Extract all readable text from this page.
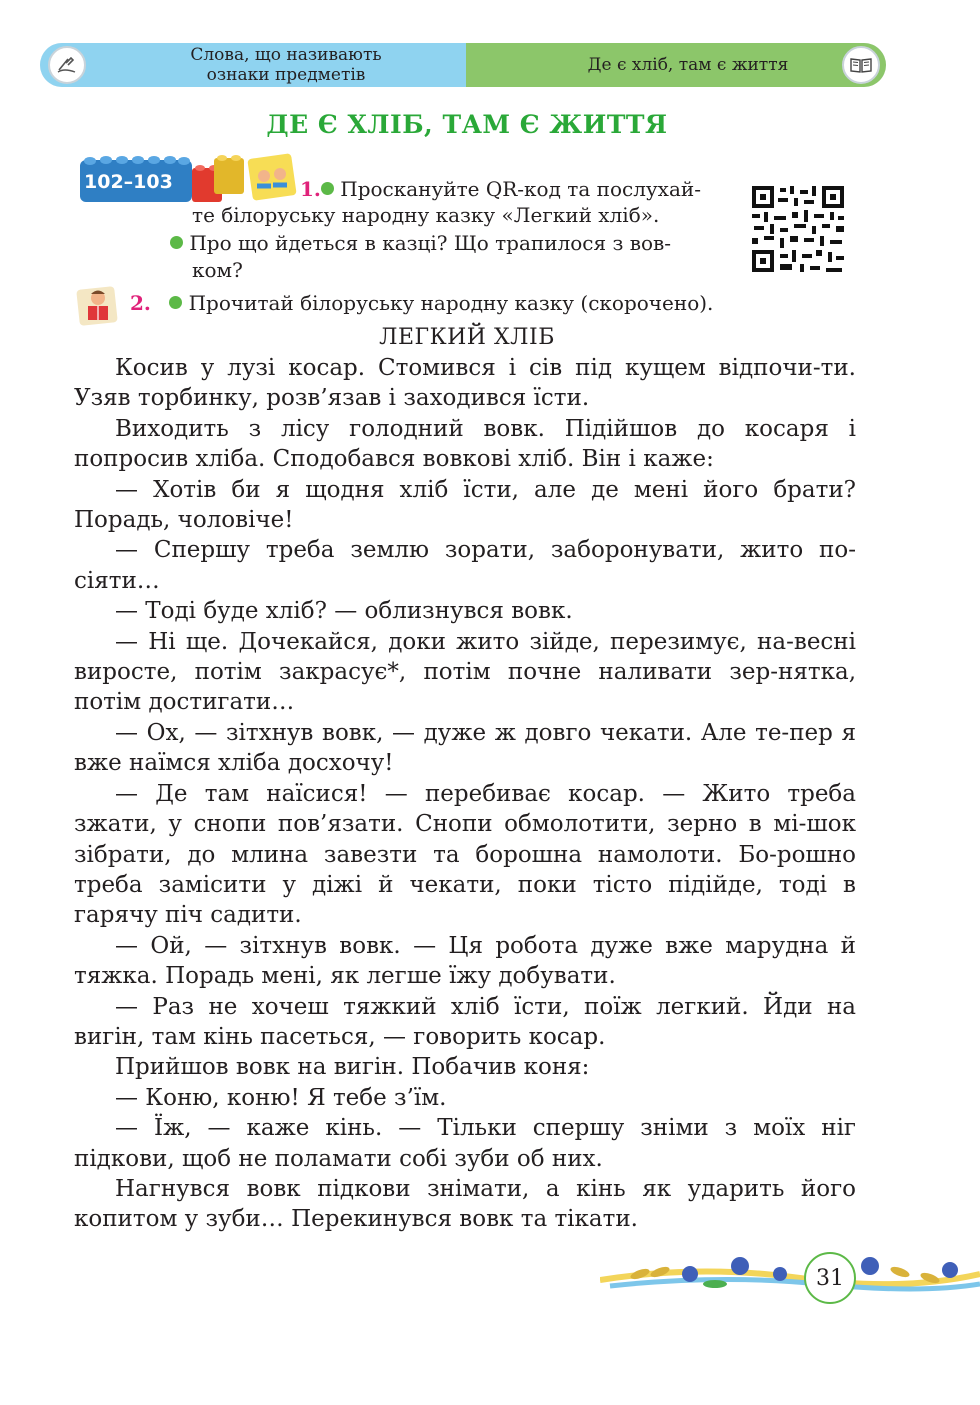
Слова, що називають
ознаки предметів	Де є хліб, там є життя
ДЕ Є ХЛІБ, ТАМ Є ЖИТТЯ
102–103	1. Проскануйте QR-код та послухай-
те білоруську народну казку «Легкий хліб».
Про що йдеться в казці? Що трапилося з вов-
ком?
2. Прочитай білоруську народну казку (скорочено).
ЛЕГКИЙ ХЛІБ

Косив у лузі косар. Стомився і сів під кущем відпочи-ти. Узяв торбинку, розв’язав і заходився їсти.

Виходить з лісу голодний вовк. Підійшов до косаря і попросив хліба. Сподобався вовкові хліб. Він і каже:

— Хотів би я щодня хліб їсти, але де мені його брати? Порадь, чоловіче!

— Спершу треба землю зорати, заборонувати, жито по-сіяти…

— Тоді буде хліб? — облизнувся вовк.

— Ні ще. Дочекайся, доки жито зійде, перезимує, на-весні виросте, потім закрасує*, потім почне наливати зер-нятка, потім достигати…

— Ох, — зітхнув вовк, — дуже ж довго чекати. Але те-пер я вже наїмся хліба досхочу!

— Де там наїсися! — перебиває косар. — Жито треба зжати, у снопи пов’язати. Снопи обмолотити, зерно в мі-шок зібрати, до млина завезти та борошна намолоти. Бо-рошно треба замісити у діжі й чекати, поки тісто підійде, тоді в гарячу піч садити.

— Ой, — зітхнув вовк. — Ця робота дуже вже марудна й тяжка. Порадь мені, як легше їжу добувати.

— Раз не хочеш тяжкий хліб їсти, поїж легкий. Йди на вигін, там кінь пасеться, — говорить косар.

Прийшов вовк на вигін. Побачив коня:

— Коню, коню! Я тебе з’їм.

— Їж, — каже кінь. — Тільки спершу зніми з моїх ніг підкови, щоб не поламати собі зуби об них.

Нагнувся вовк підкови знімати, а кінь як ударить його копитом у зуби… Перекинувся вовк та тікати.

31
